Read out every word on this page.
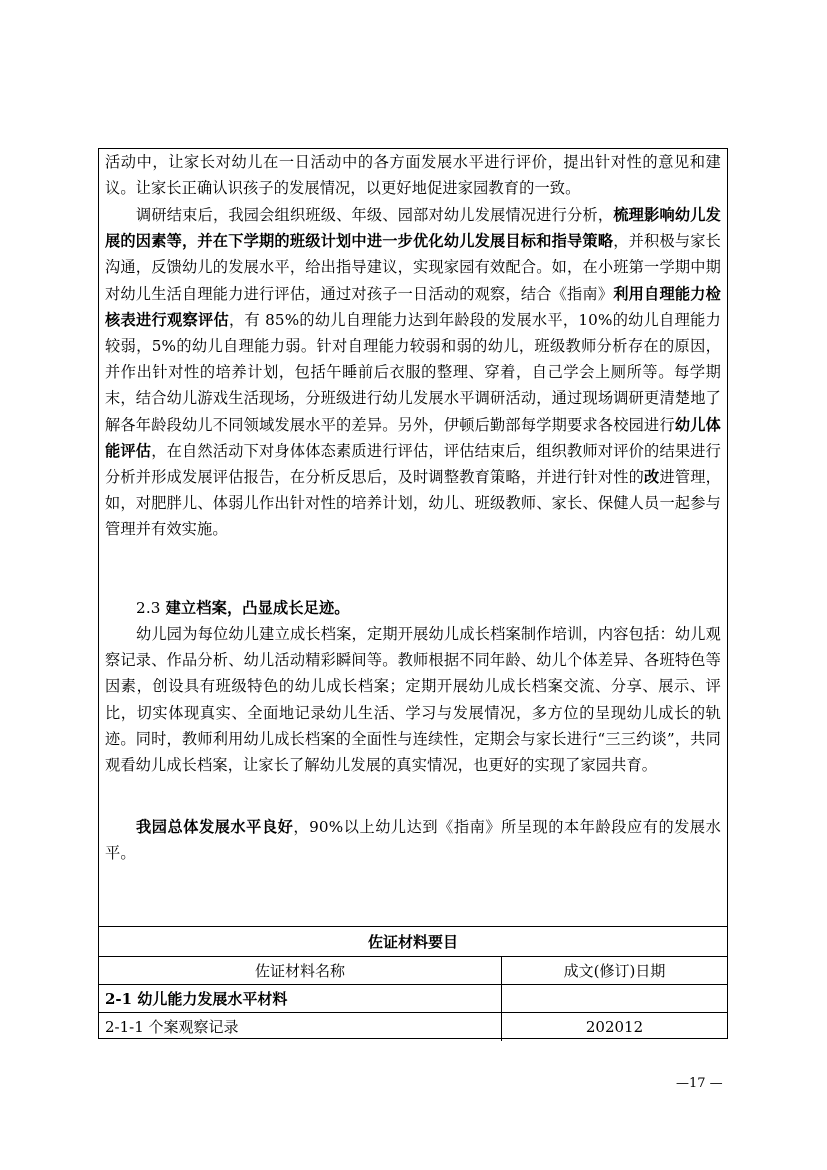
活动中，让家长对幼儿在一日活动中的各方面发展水平进行评价，提出针对性的意见和建议。让家长正确认识孩子的发展情况，以更好地促进家园教育的一致。

调研结束后，我园会组织班级、年级、园部对幼儿发展情况进行分析，梳理影响幼儿发展的因素等，并在下学期的班级计划中进一步优化幼儿发展目标和指导策略，并积极与家长沟通，反馈幼儿的发展水平，给出指导建议，实现家园有效配合。如，在小班第一学期中期对幼儿生活自理能力进行评估，通过对孩子一日活动的观察，结合《指南》利用自理能力检核表进行观察评估，有 85%的幼儿自理能力达到年龄段的发展水平，10%的幼儿自理能力较弱，5%的幼儿自理能力弱。针对自理能力较弱和弱的幼儿，班级教师分析存在的原因，并作出针对性的培养计划，包括午睡前后衣服的整理、穿着，自己学会上厕所等。每学期末，结合幼儿游戏生活现场，分班级进行幼儿发展水平调研活动，通过现场调研更清楚地了解各年龄段幼儿不同领域发展水平的差异。另外，伊顿后勤部每学期要求各校园进行幼儿体能评估，在自然活动下对身体体态素质进行评估，评估结束后，组织教师对评价的结果进行分析并形成发展评估报告，在分析反思后，及时调整教育策略，并进行针对性的改进管理，如，对肥胖儿、体弱儿作出针对性的培养计划，幼儿、班级教师、家长、保健人员一起参与管理并有效实施。

2.3 建立档案，凸显成长足迹。

幼儿园为每位幼儿建立成长档案，定期开展幼儿成长档案制作培训，内容包括：幼儿观察记录、作品分析、幼儿活动精彩瞬间等。教师根据不同年龄、幼儿个体差异、各班特色等因素，创设具有班级特色的幼儿成长档案；定期开展幼儿成长档案交流、分享、展示、评比，切实体现真实、全面地记录幼儿生活、学习与发展情况，多方位的呈现幼儿成长的轨迹。同时，教师利用幼儿成长档案的全面性与连续性，定期会与家长进行“三三约谈”，共同观看幼儿成长档案，让家长了解幼儿发展的真实情况，也更好的实现了家园共育。

我园总体发展水平良好，90%以上幼儿达到《指南》所呈现的本年龄段应有的发展水平。

佐证材料要目
佐证材料名称	成文(修订)日期
2-1 幼儿能力发展水平材料
2-1-1 个案观察记录	202012
—17 —
